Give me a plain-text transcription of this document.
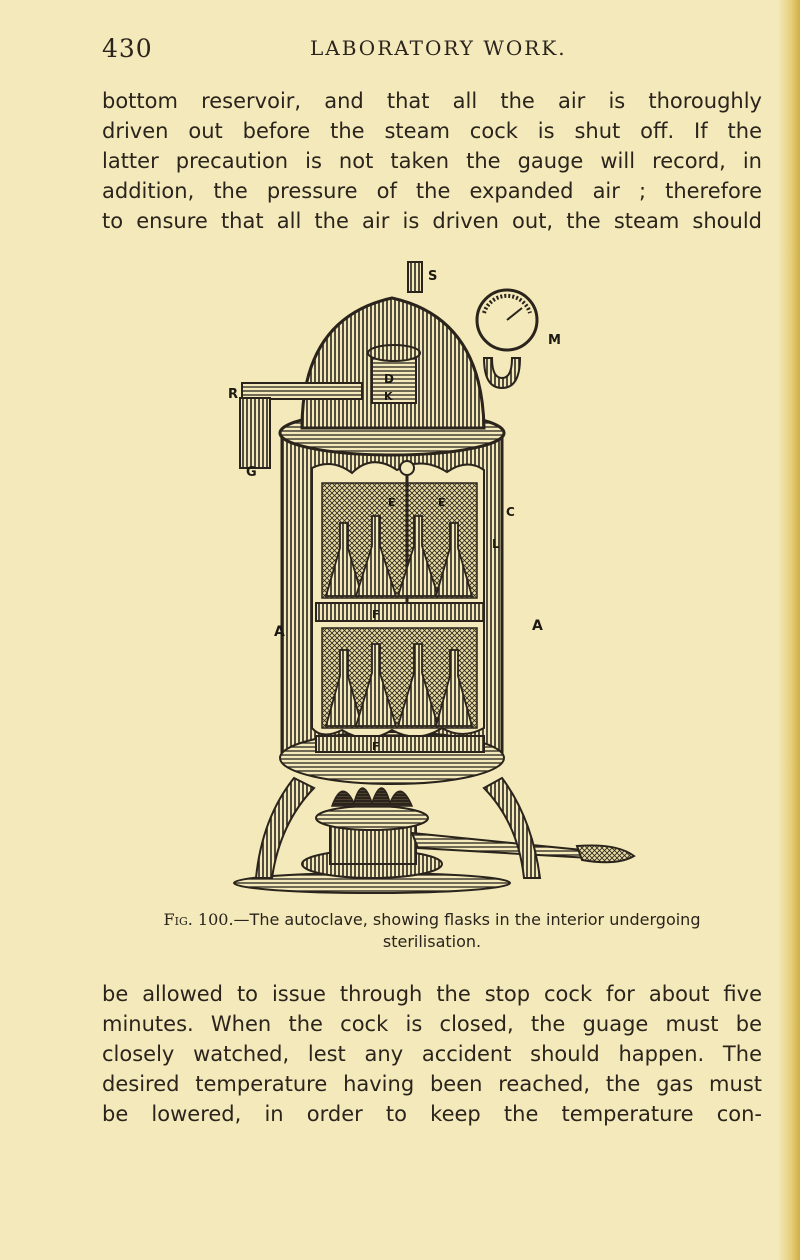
430	LABORATORY WORK.
bottom reservoir, and that all the air is thoroughly
driven out before the steam cock is shut off. If the
latter precaution is not taken the gauge will record, in
addition, the pressure of the expanded air ; therefore
to ensure that all the air is driven out, the steam should
S
M
R
G
A	A
D
K
E	E
C
L
F
F
Fig. 100.—The autoclave, showing flasks in the interior undergoing
sterilisation.
be allowed to issue through the stop cock for about five
minutes. When the cock is closed, the guage must be
closely watched, lest any accident should happen. The
desired temperature having been reached, the gas must
be lowered, in order to keep the temperature con-
